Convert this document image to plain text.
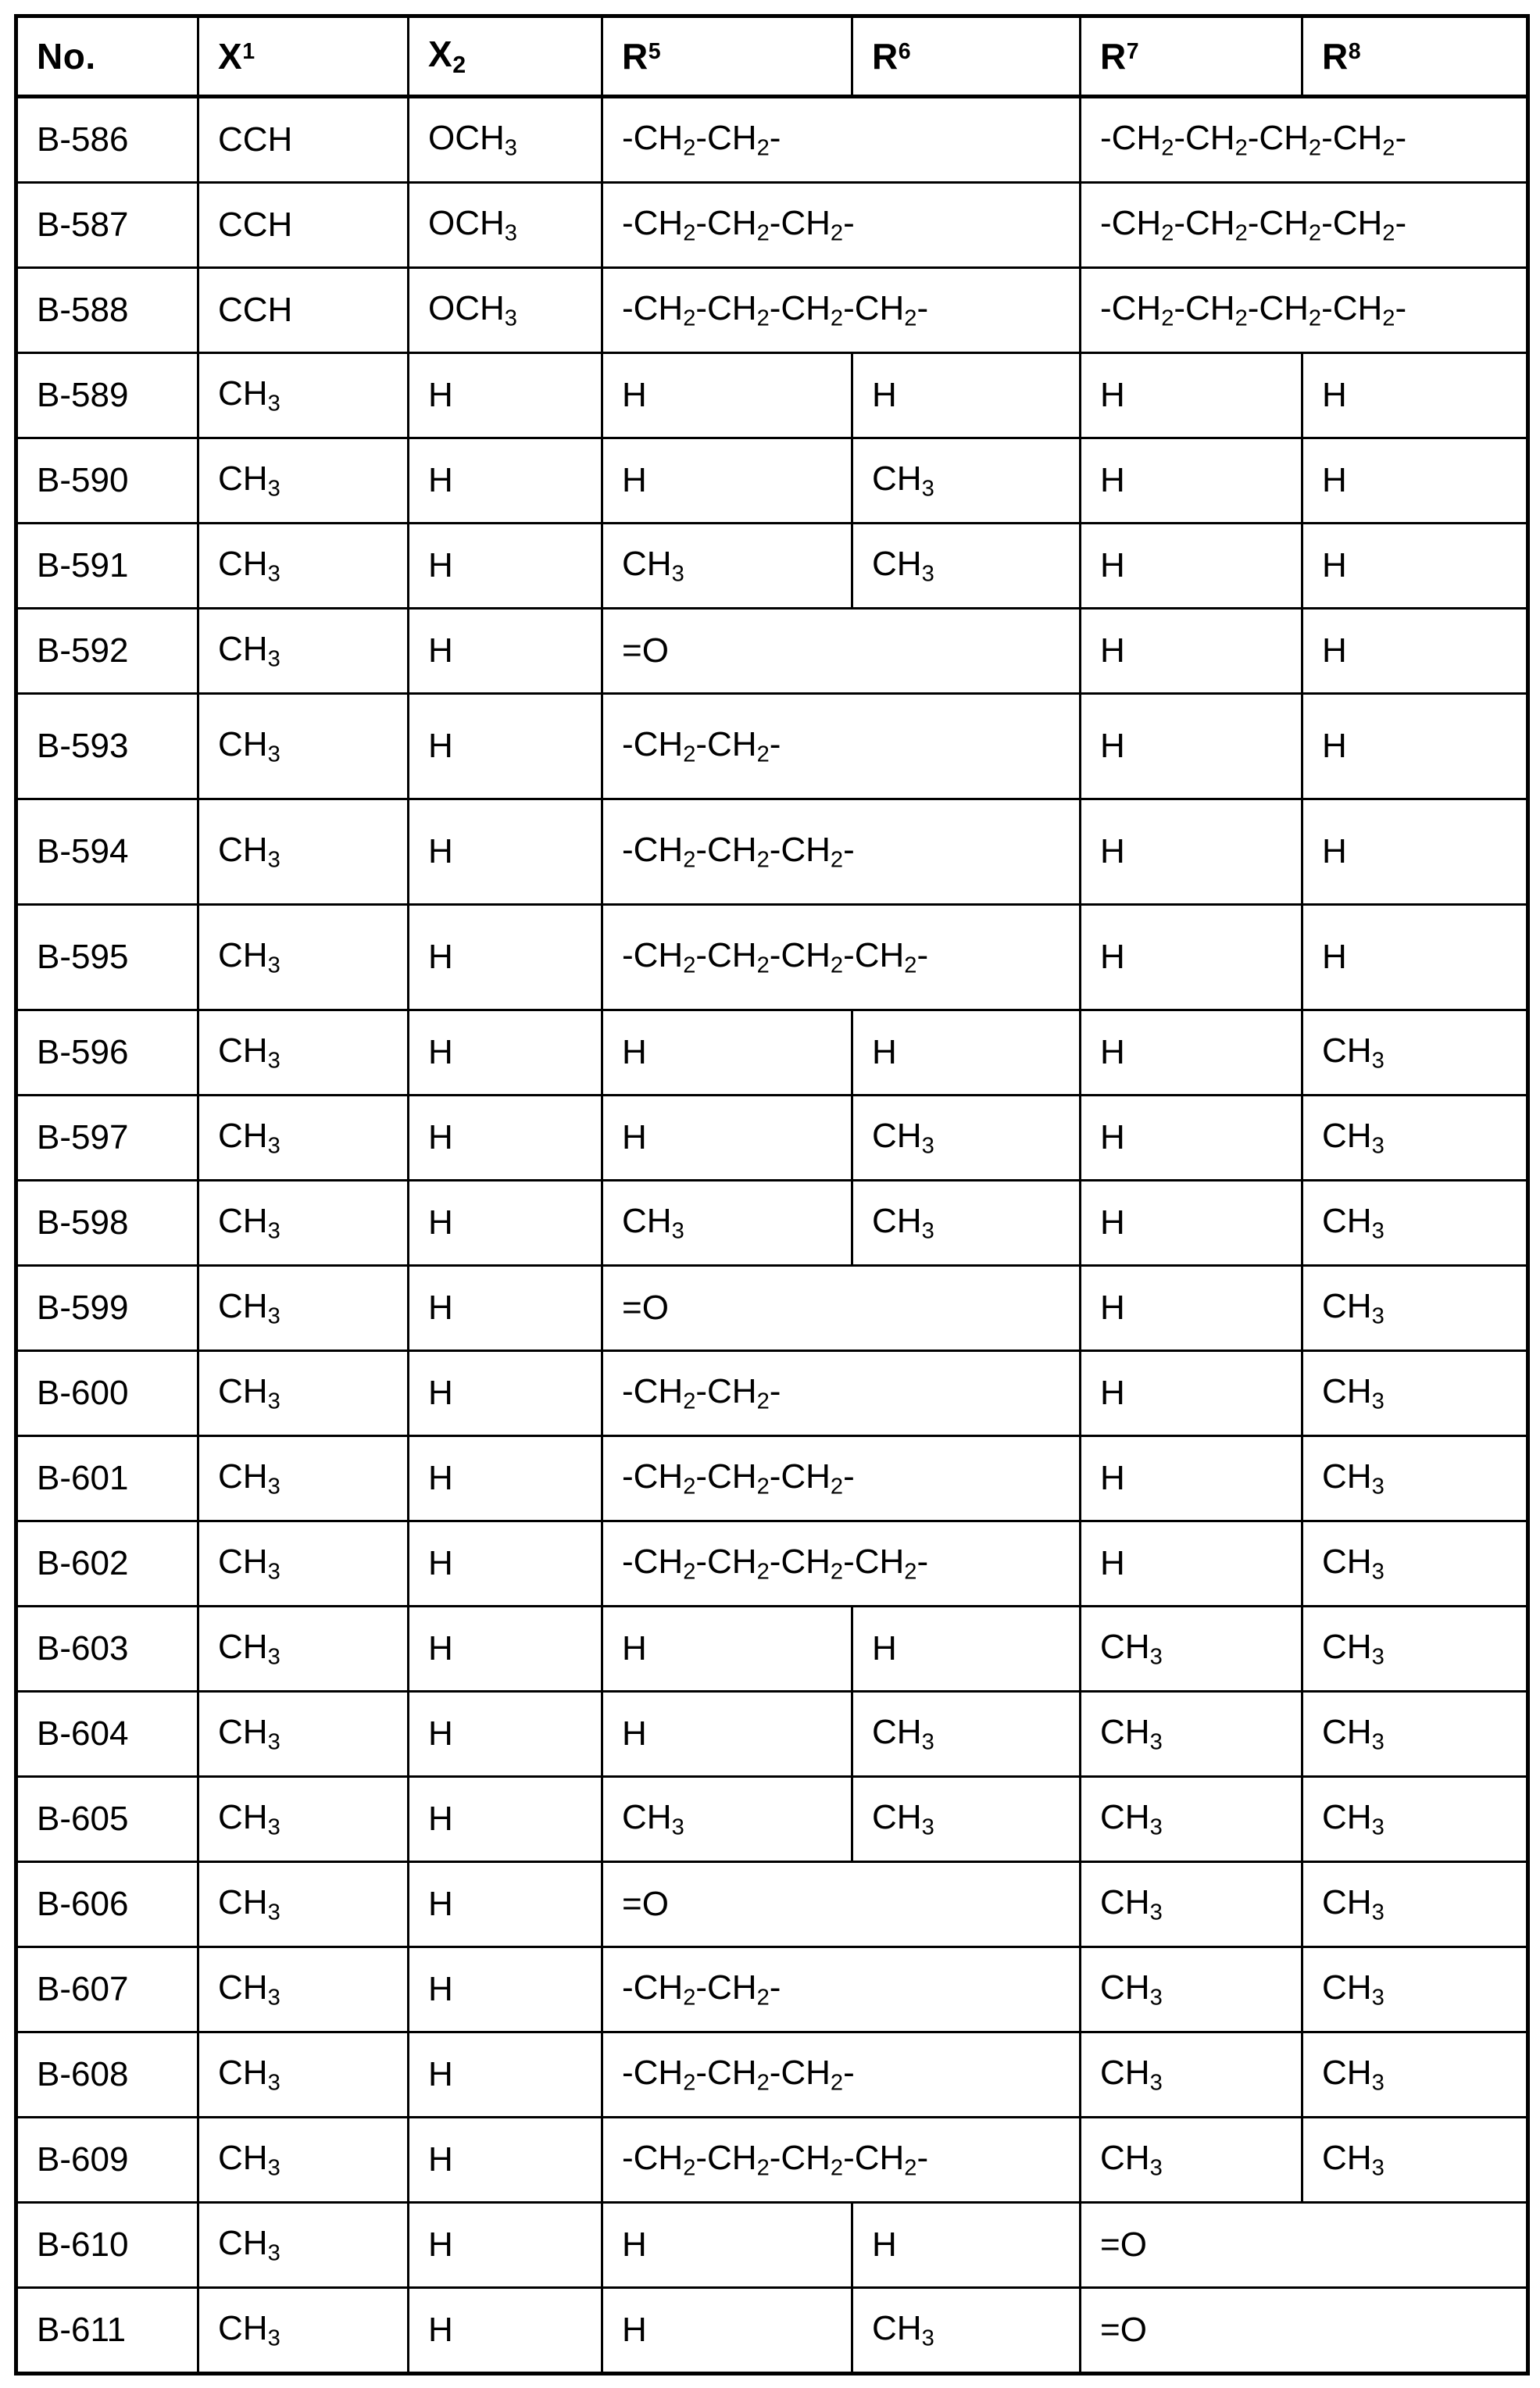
No.	$X^1$	$X_2$	$R^5$	$R^6$	$R^7$	$R^8$
B-586	CCH	$OCH_3$	$-CH_2-CH_2-$		$-CH_2-CH_2-CH_2-CH_2-$	
B-587	CCH	$OCH_3$	$-CH_2-CH_2-CH_2-$		$-CH_2-CH_2-CH_2-CH_2-$	
B-588	CCH	$OCH_3$	$-CH_2-CH_2-CH_2-CH_2-$		$-CH_2-CH_2-CH_2-CH_2-$	
B-589	$CH_3$	H	H	H	H	H
B-590	$CH_3$	H	H	$CH_3$	H	H
B-591	$CH_3$	H	$CH_3$	$CH_3$	H	H
B-592	$CH_3$	H	=O		H	H
B-593	$CH_3$	H	$-CH_2-CH_2-$		H	H
B-594	$CH_3$	H	$-CH_2-CH_2-CH_2-$		H	H
B-595	$CH_3$	H	$-CH_2-CH_2-CH_2-CH_2-$		H	H
B-596	$CH_3$	H	H	H	H	$CH_3$
B-597	$CH_3$	H	H	$CH_3$	H	$CH_3$
B-598	$CH_3$	H	$CH_3$	$CH_3$	H	$CH_3$
B-599	$CH_3$	H	=O		H	$CH_3$
B-600	$CH_3$	H	$-CH_2-CH_2-$		H	$CH_3$
B-601	$CH_3$	H	$-CH_2-CH_2-CH_2-$		H	$CH_3$
B-602	$CH_3$	H	$-CH_2-CH_2-CH_2-CH_2-$		H	$CH_3$
B-603	$CH_3$	H	H	H	$CH_3$	$CH_3$
B-604	$CH_3$	H	H	$CH_3$	$CH_3$	$CH_3$
B-605	$CH_3$	H	$CH_3$	$CH_3$	$CH_3$	$CH_3$
B-606	$CH_3$	H	=O		$CH_3$	$CH_3$
B-607	$CH_3$	H	$-CH_2-CH_2-$		$CH_3$	$CH_3$
B-608	$CH_3$	H	$-CH_2-CH_2-CH_2-$		$CH_3$	$CH_3$
B-609	$CH_3$	H	$-CH_2-CH_2-CH_2-CH_2-$		$CH_3$	$CH_3$
B-610	$CH_3$	H	H	H	=O	
B-611	$CH_3$	H	H	$CH_3$	=O	
